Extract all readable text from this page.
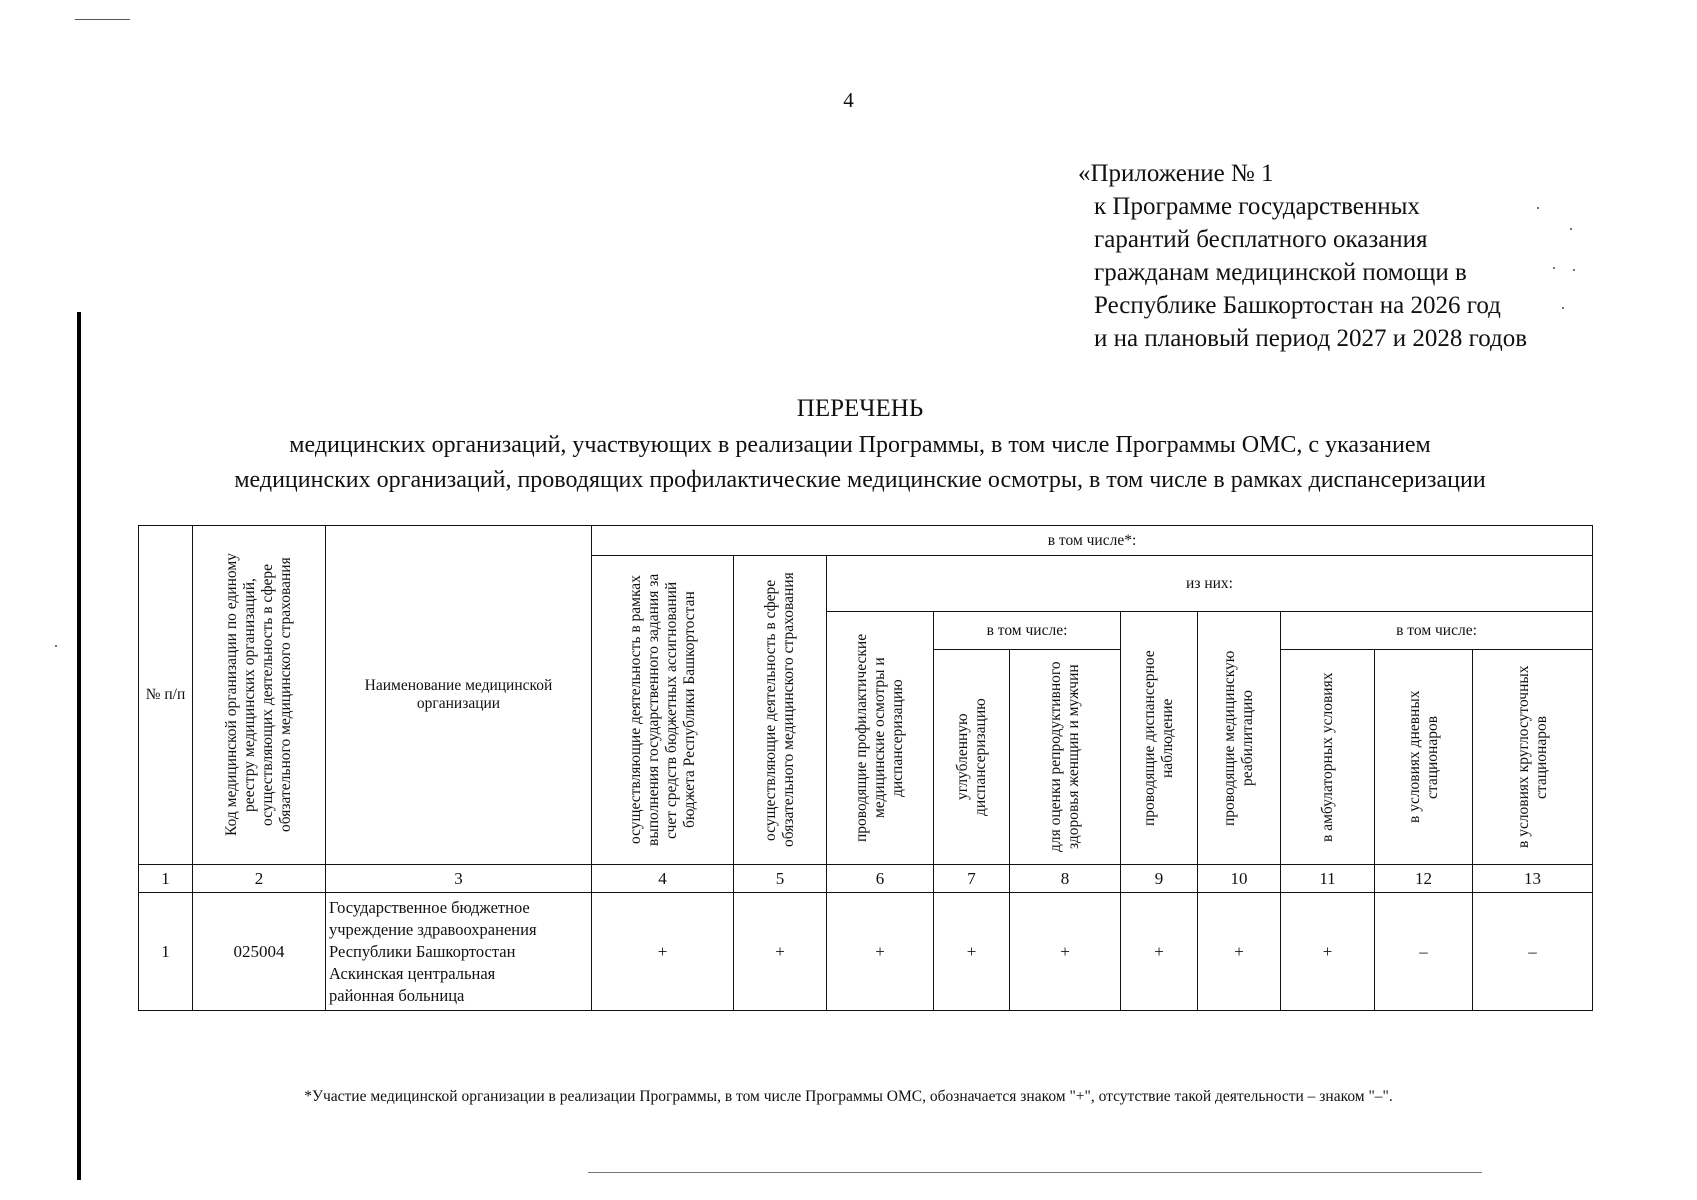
4
«Приложение № 1
к Программе государственных
гарантий бесплатного оказания
гражданам медицинской помощи в
Республике Башкортостан на 2026 год
и на плановый период 2027 и 2028 годов
ПЕРЕЧЕНЬ
медицинских организаций, участвующих в реализации Программы, в том числе Программы ОМС, с указанием
медицинских организаций, проводящих профилактические медицинские осмотры, в том числе в рамках диспансеризации
№ п/п	Код медицинской организации по единому реестру медицинских организаций, осуществляющих деятельность в сфере обязательного медицинского страхования	Наименование медицинской организации	в том числе*:									

			осуществляющие деятельность в рамках выполнения государственного задания за счет средств бюджетных ассигнований бюджета Республики Башкортостан	осуществляющие деятельность в сфере обязательного медицинского страхования	из них:							

					проводящие профилактические медицинские осмотры и диспансеризацию	в том числе:		проводящие диспансерное наблюдение	проводящие медицинскую реабилитацию	в том числе:		

						углубленную диспансеризацию	для оценки репродуктивного здоровья женщин и мужчин			в амбулаторных условиях	в условиях дневных стационаров	в условиях круглосуточных стационаров

1	2	3	4	5	6	7	8	9	10	11	12	13
1	025004	Государственное бюджетное
учреждение здравоохранения
Республики Башкортостан
Аскинская центральная
районная больница	+	+	+	+	+	+	+	+	–	–
*Участие медицинской организации в реализации Программы, в том числе Программы ОМС, обозначается знаком "+", отсутствие такой деятельности – знаком "–".
